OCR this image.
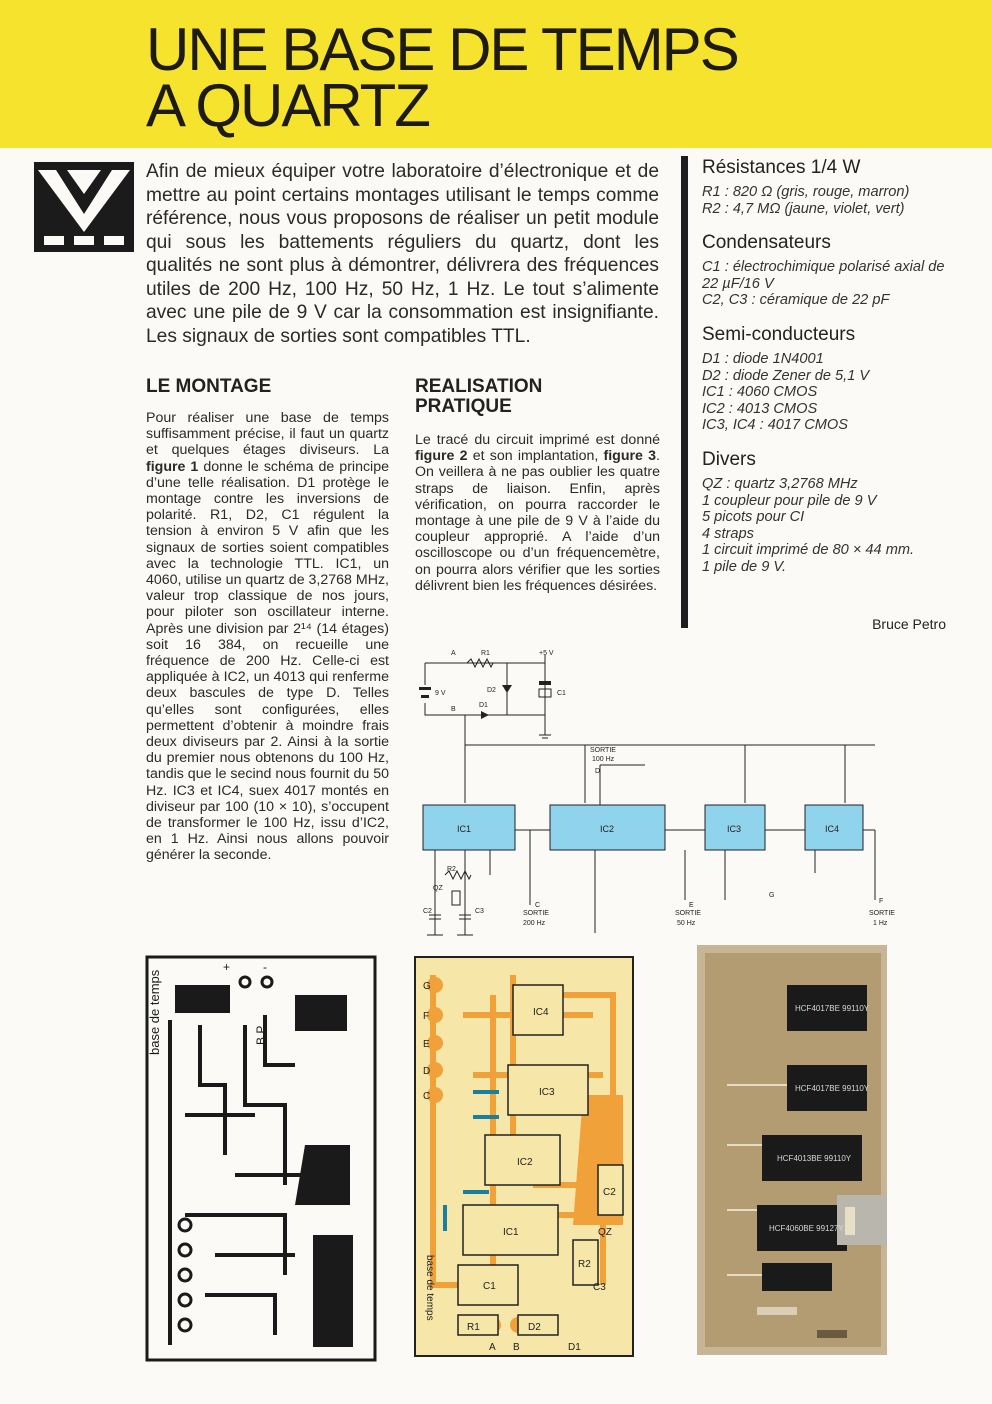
UNE BASE DE TEMPS
A QUARTZ

Afin de mieux équiper votre laboratoire d’électronique et de mettre au point certains montages utilisant le temps comme référence, nous vous proposons de réaliser un petit module qui sous les battements réguliers du quartz, dont les qualités ne sont plus à démontrer, délivrera des fréquences utiles de 200 Hz, 100 Hz, 50 Hz, 1 Hz. Le tout s’alimente avec une pile de 9 V car la consommation est insignifiante. Les signaux de sorties sont compatibles TTL.

LE MONTAGE

Pour réaliser une base de temps suffisamment précise, il faut un quartz et quelques étages diviseurs. La figure 1 donne le schéma de principe d’une telle réalisation. D1 protège le montage contre les inversions de polarité. R1, D2, C1 régulent la tension à environ 5 V afin que les signaux de sorties soient compatibles avec la technologie TTL. IC1, un 4060, utilise un quartz de 3,2768 MHz, valeur trop classique de nos jours, pour piloter son oscillateur interne. Après une division par 2¹⁴ (14 étages) soit 16 384, on recueille une fréquence de 200 Hz. Celle-ci est appliquée à IC2, un 4013 qui renferme deux bascules de type D. Telles qu’elles sont configurées, elles permettent d’obtenir à moindre frais deux diviseurs par 2. Ainsi à la sortie du premier nous obtenons du 100 Hz, tandis que le secind nous fournit du 50 Hz. IC3 et IC4, suex 4017 montés en diviseur par 100 (10 × 10), s’occupent de transformer le 100 Hz, issu d’IC2, en 1 Hz. Ainsi nous allons pouvoir générer la seconde.

REALISATION
PRATIQUE

Le tracé du circuit imprimé est donné figure 2 et son implantation, figure 3. On veillera à ne pas oublier les quatre straps de liaison. Enfin, après vérification, on pourra raccorder le montage à une pile de 9 V à l’aide du coupleur approprié. A l’aide d’un oscilloscope ou d’un fréquencemètre, on pourra alors vérifier que les sorties délivrent bien les fréquences désirées.

Résistances 1/4 W
R1 : 820 Ω (gris, rouge, marron)
R2 : 4,7 MΩ (jaune, violet, vert)
Condensateurs
C1 : électrochimique polarisé axial de 22 µF/16 V
C2, C3 : céramique de 22 pF
Semi-conducteurs
D1 : diode 1N4001
D2 : diode Zener de 5,1 V
IC1 : 4060 CMOS
IC2 : 4013 CMOS
IC3, IC4 : 4017 CMOS
Divers
QZ : quartz 3,2768 MHz
1 coupleur pour pile de 9 V
5 picots pour CI
4 straps
1 circuit imprimé de 80 × 44 mm.
1 pile de 9 V.
Bruce Petro
IC1	IC2	IC3	IC4
R1
A
B
+5 V
9 V	D2
D1
C1
C2	C3
QZ
R2
SORTIE
100 Hz
D
C
SORTIE
200 Hz
E
SORTIE
50 Hz
G
F
SORTIE
1 Hz
base de temps	B.P
+	-
IC4
IC3
IC2
IC1
C1
R1	D2
R2
C2
C3
D1
QZ
G
F
E
D
C
A B
base de temps
HCF4017BE 99110Y
HCF4017BE 99110Y
HCF4013BE 99110Y
HCF4060BE 99127Y
